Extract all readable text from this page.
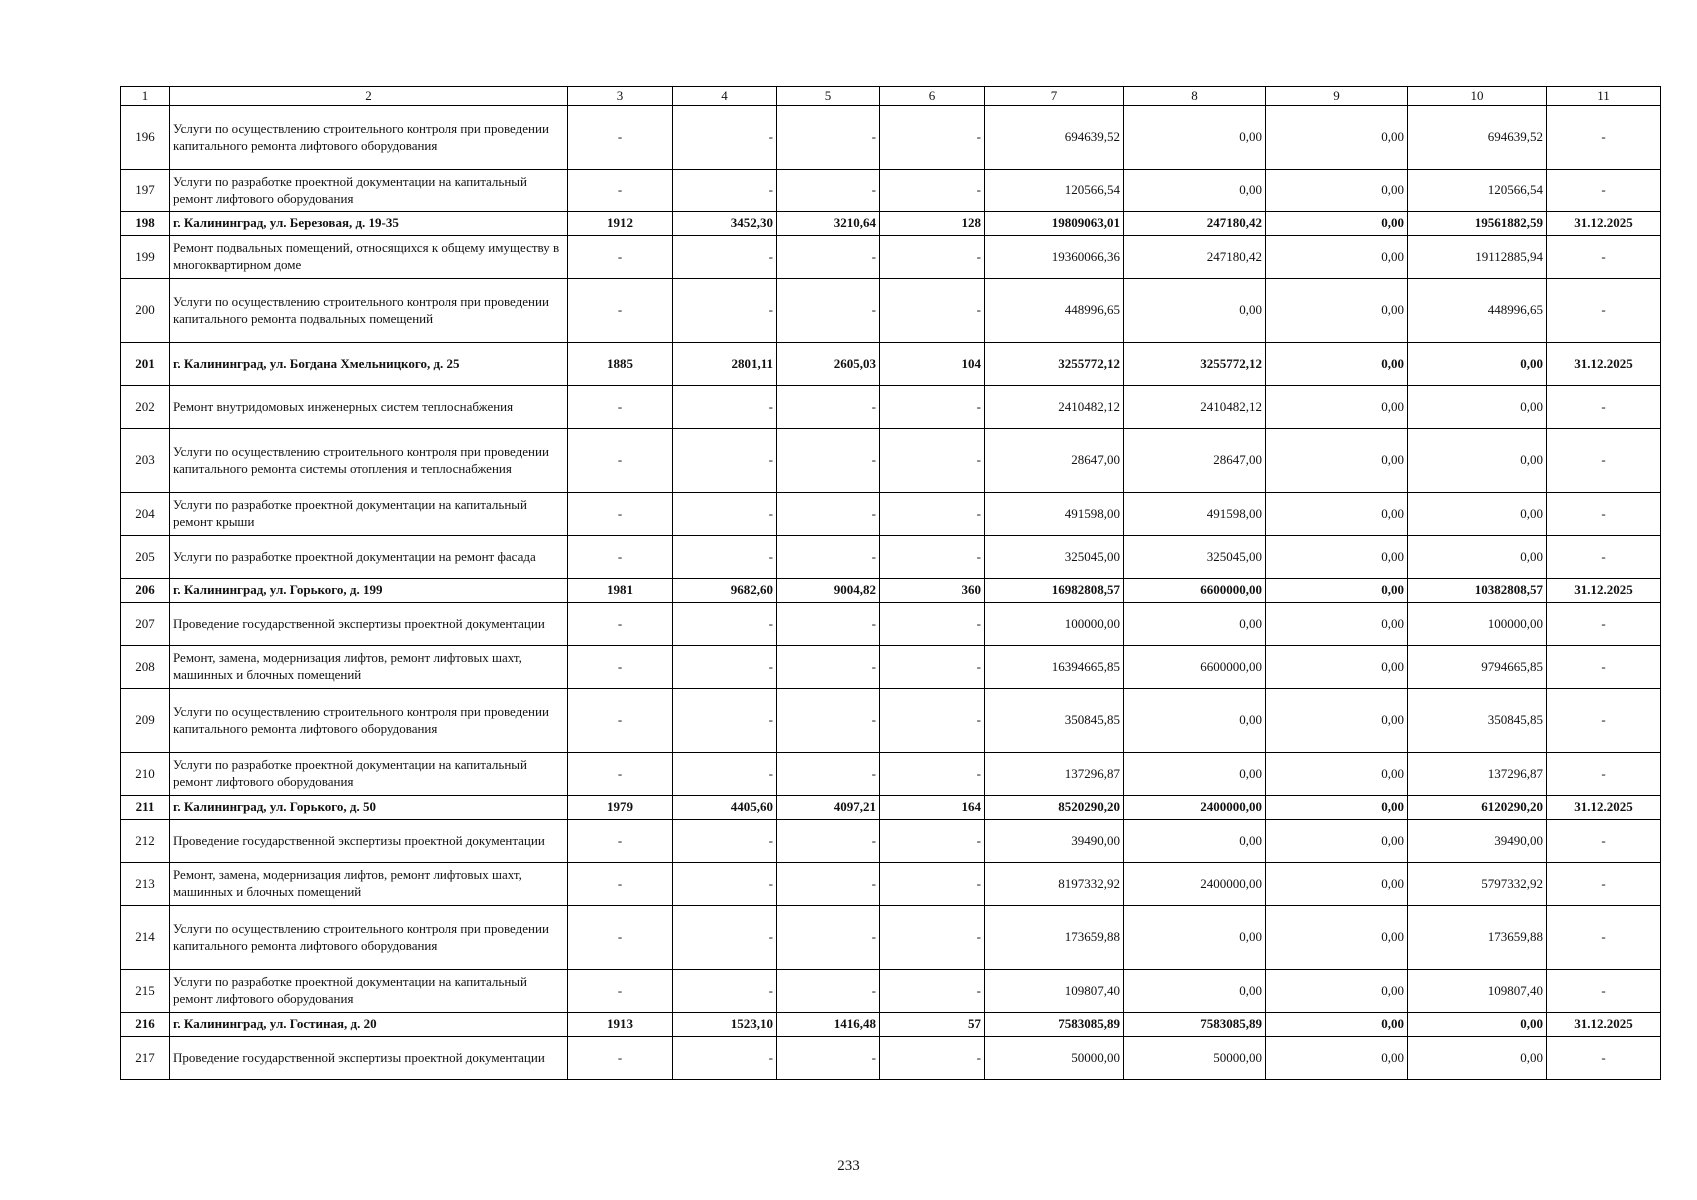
1	2	3	4	5	6	7	8	9	10	11
196	Услуги по осуществлению строительного контроля при проведении капитального ремонта лифтового оборудования	-	-	-	-	694639,52	0,00	0,00	694639,52	-
197	Услуги по разработке проектной документации на капитальный ремонт лифтового оборудования	-	-	-	-	120566,54	0,00	0,00	120566,54	-
198	г. Калининград, ул. Березовая, д. 19-35	1912	3452,30	3210,64	128	19809063,01	247180,42	0,00	19561882,59	31.12.2025
199	Ремонт подвальных помещений, относящихся к общему имуществу в многоквартирном доме	-	-	-	-	19360066,36	247180,42	0,00	19112885,94	-
200	Услуги по осуществлению строительного контроля при проведении капитального ремонта подвальных помещений	-	-	-	-	448996,65	0,00	0,00	448996,65	-
201	г. Калининград, ул. Богдана Хмельницкого, д. 25	1885	2801,11	2605,03	104	3255772,12	3255772,12	0,00	0,00	31.12.2025
202	Ремонт внутридомовых инженерных систем теплоснабжения	-	-	-	-	2410482,12	2410482,12	0,00	0,00	-
203	Услуги по осуществлению строительного контроля при проведении капитального ремонта системы отопления и теплоснабжения	-	-	-	-	28647,00	28647,00	0,00	0,00	-
204	Услуги по разработке проектной документации на капитальный ремонт крыши	-	-	-	-	491598,00	491598,00	0,00	0,00	-
205	Услуги по разработке проектной документации на ремонт фасада	-	-	-	-	325045,00	325045,00	0,00	0,00	-
206	г. Калининград, ул. Горького, д. 199	1981	9682,60	9004,82	360	16982808,57	6600000,00	0,00	10382808,57	31.12.2025
207	Проведение государственной экспертизы проектной документации	-	-	-	-	100000,00	0,00	0,00	100000,00	-
208	Ремонт, замена, модернизация лифтов, ремонт лифтовых шахт, машинных и блочных помещений	-	-	-	-	16394665,85	6600000,00	0,00	9794665,85	-
209	Услуги по осуществлению строительного контроля при проведении капитального ремонта лифтового оборудования	-	-	-	-	350845,85	0,00	0,00	350845,85	-
210	Услуги по разработке проектной документации на капитальный ремонт лифтового оборудования	-	-	-	-	137296,87	0,00	0,00	137296,87	-
211	г. Калининград, ул. Горького, д. 50	1979	4405,60	4097,21	164	8520290,20	2400000,00	0,00	6120290,20	31.12.2025
212	Проведение государственной экспертизы проектной документации	-	-	-	-	39490,00	0,00	0,00	39490,00	-
213	Ремонт, замена, модернизация лифтов, ремонт лифтовых шахт, машинных и блочных помещений	-	-	-	-	8197332,92	2400000,00	0,00	5797332,92	-
214	Услуги по осуществлению строительного контроля при проведении капитального ремонта лифтового оборудования	-	-	-	-	173659,88	0,00	0,00	173659,88	-
215	Услуги по разработке проектной документации на капитальный ремонт лифтового оборудования	-	-	-	-	109807,40	0,00	0,00	109807,40	-
216	г. Калининград, ул. Гостиная, д. 20	1913	1523,10	1416,48	57	7583085,89	7583085,89	0,00	0,00	31.12.2025
217	Проведение государственной экспертизы проектной документации	-	-	-	-	50000,00	50000,00	0,00	0,00	-
233
